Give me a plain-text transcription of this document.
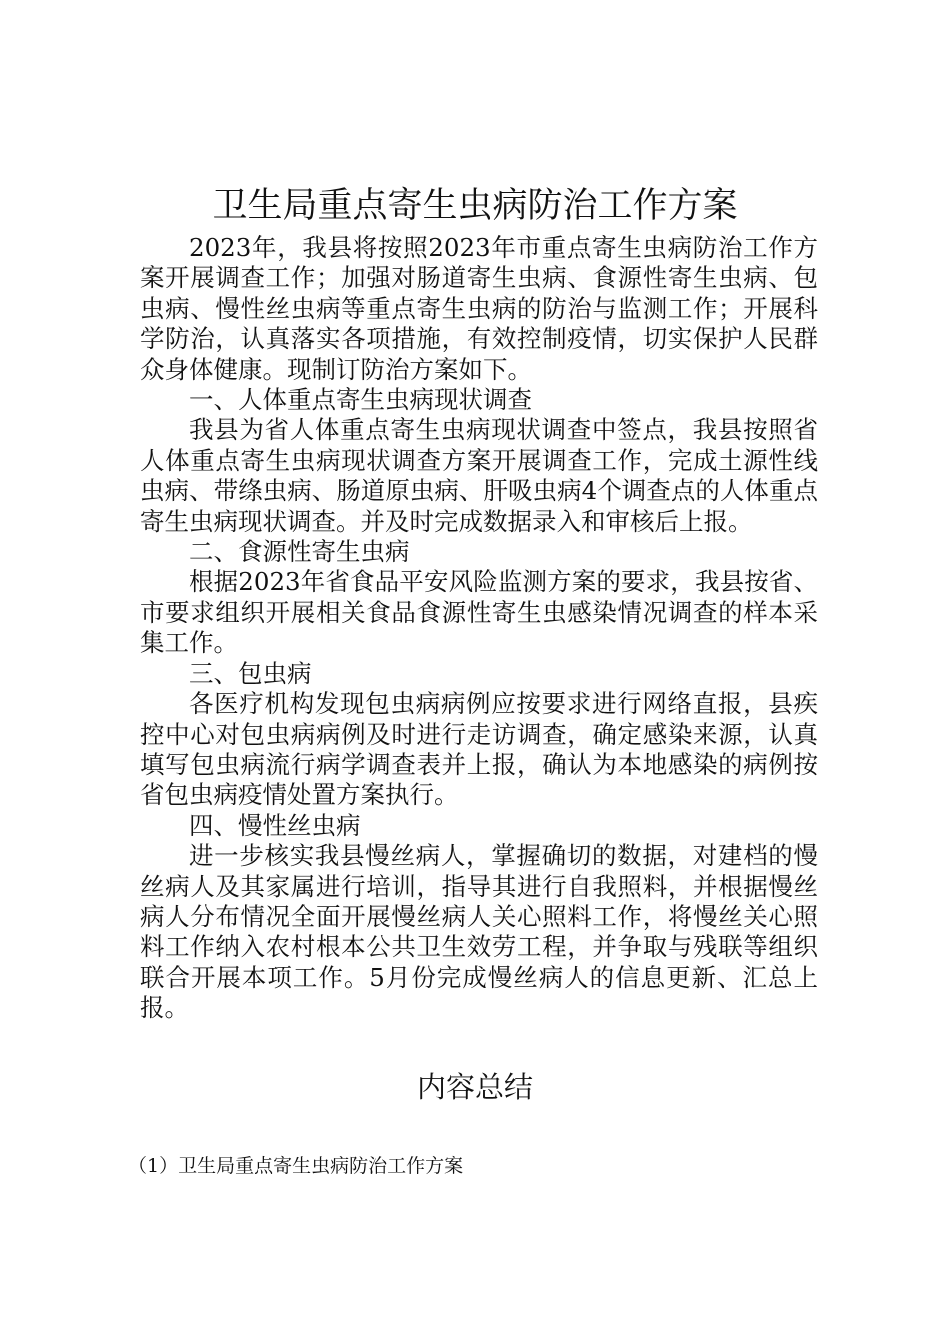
卫生局重点寄生虫病防治工作方案

2023年，我县将按照2023年市重点寄生虫病防治工作方案开展调查工作；加强对肠道寄生虫病、食源性寄生虫病、包虫病、慢性丝虫病等重点寄生虫病的防治与监测工作；开展科学防治，认真落实各项措施，有效控制疫情，切实保护人民群众身体健康。现制订防治方案如下。

一、人体重点寄生虫病现状调查

我县为省人体重点寄生虫病现状调查中签点，我县按照省人体重点寄生虫病现状调查方案开展调查工作，完成土源性线虫病、带绦虫病、肠道原虫病、肝吸虫病4个调查点的人体重点寄生虫病现状调查。并及时完成数据录入和审核后上报。

二、食源性寄生虫病

根据2023年省食品平安风险监测方案的要求，我县按省、市要求组织开展相关食品食源性寄生虫感染情况调查的样本采集工作。

三、包虫病

各医疗机构发现包虫病病例应按要求进行网络直报，县疾控中心对包虫病病例及时进行走访调查，确定感染来源，认真填写包虫病流行病学调查表并上报，确认为本地感染的病例按省包虫病疫情处置方案执行。

四、慢性丝虫病

进一步核实我县慢丝病人，掌握确切的数据，对建档的慢丝病人及其家属进行培训，指导其进行自我照料，并根据慢丝病人分布情况全面开展慢丝病人关心照料工作，将慢丝关心照料工作纳入农村根本公共卫生效劳工程，并争取与残联等组织联合开展本项工作。5月份完成慢丝病人的信息更新、汇总上报。

内容总结
（1）卫生局重点寄生虫病防治工作方案
